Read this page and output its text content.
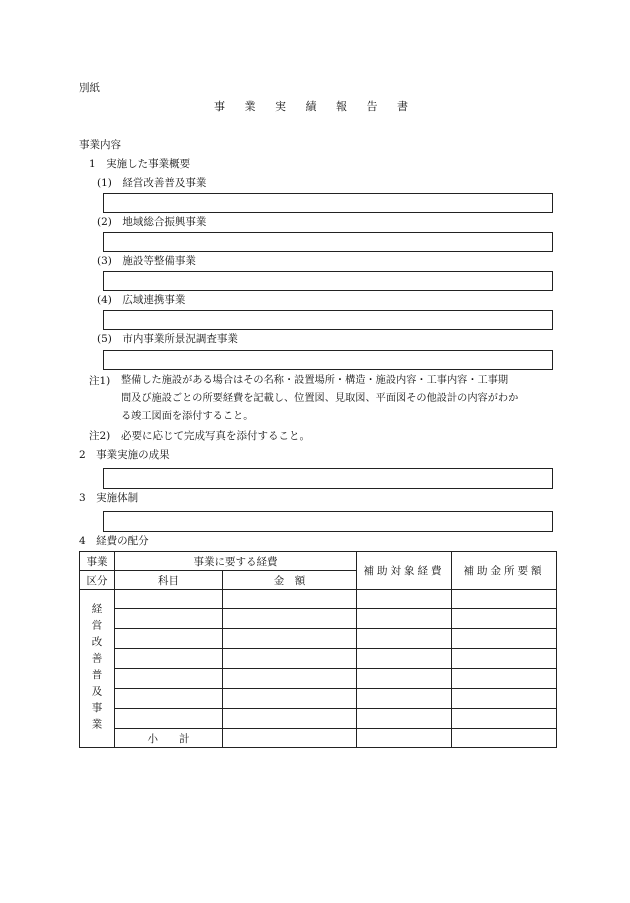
別紙
事 業 実 績 報 告 書
事業内容
1　実施した事業概要
(1)　経営改善普及事業
(2)　地域総合振興事業
(3)　施設等整備事業
(4)　広域連携事業
(5)　市内事業所景況調査事業
注1) 整備した施設がある場合はその名称・設置場所・構造・施設内容・工事内容・工事期
間及び施設ごとの所要経費を記載し、位置図、見取図、平面図その他設計の内容がわか
る竣工図面を添付すること。
注2) 必要に応じて完成写真を添付すること。
2　事業実施の成果
3　実施体制
4　経費の配分
事業	事業に要する経費		補助対象経費	補助金所要額
区分	科目	金　額		

経営改善普及事業				

	小　　計			
